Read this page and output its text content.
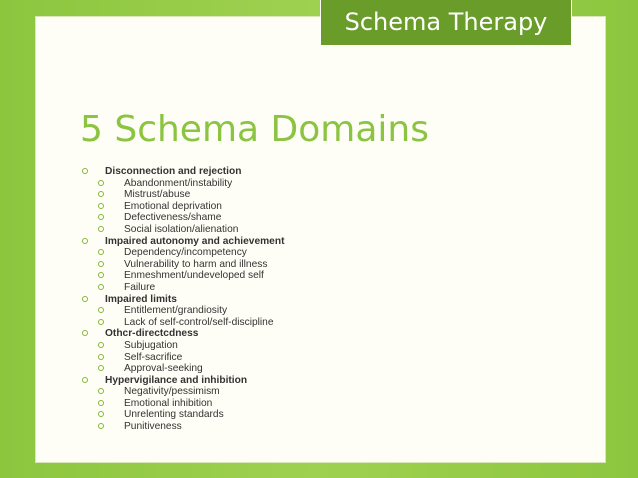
Schema Therapy
5 Schema Domains
Disconnection and rejection
Abandonment/instability
Mistrust/abuse
Emotional deprivation
Defectiveness/shame
Social isolation/alienation
Impaired autonomy and achievement
Dependency/incompetency
Vulnerability to harm and illness
Enmeshment/undeveloped self
Failure
Impaired limits
Entitlement/grandiosity
Lack of self-control/self-discipline
Othcr-directcdness
Subjugation
Self-sacrifice
Approval-seeking
Hypervigilance and inhibition
Negativity/pessimism
Emotional inhibition
Unrelenting standards
Punitiveness
